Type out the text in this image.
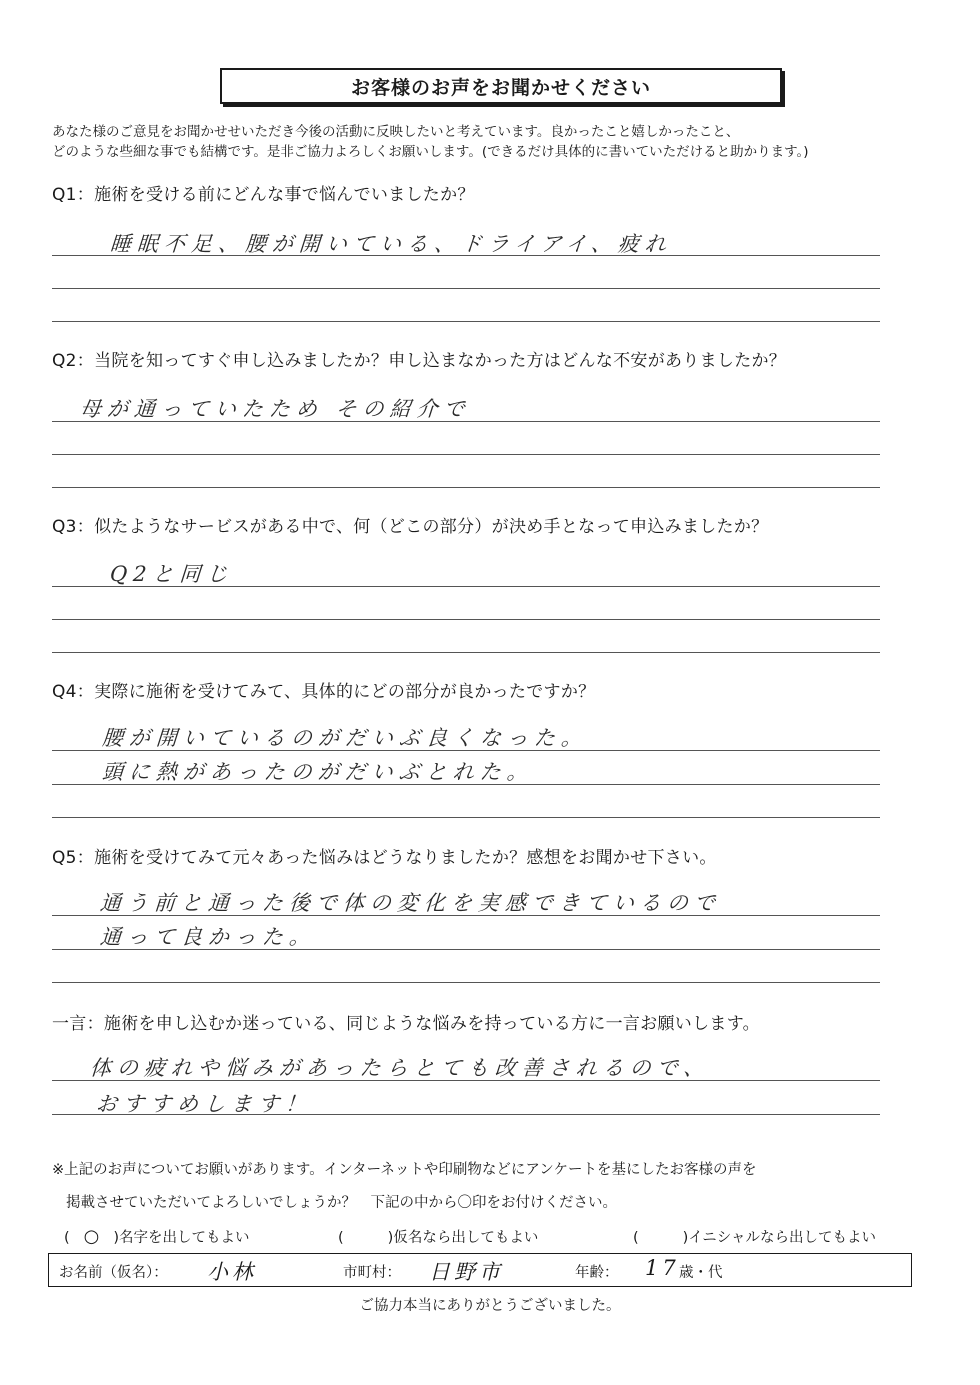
お客様のお声をお聞かせください
あなた様のご意見をお聞かせせいただき今後の活動に反映したいと考えています。良かったこと嬉しかったこと、
どのような些細な事でも結構です。是非ご協力よろしくお願いします。(できるだけ具体的に書いていただけると助かります。)
Q1：施術を受ける前にどんな事で悩んでいましたか？
睡眠不足、腰が開いている、ドライアイ、疲れ
Q2：当院を知ってすぐ申し込みましたか？申し込まなかった方はどんな不安がありましたか？
母が通っていたため その紹介で
Q3：似たようなサービスがある中で、何（どこの部分）が決め手となって申込みましたか？
Q2と同じ
Q4：実際に施術を受けてみて、具体的にどの部分が良かったですか？
腰が開いているのがだいぶ良くなった。
頭に熱があったのがだいぶとれた。
Q5：施術を受けてみて元々あった悩みはどうなりましたか？感想をお聞かせ下さい。
通う前と通った後で体の変化を実感できているので
通って良かった。
一言：施術を申し込むか迷っている、同じような悩みを持っている方に一言お願いします。
体の疲れや悩みがあったらとても改善されるので、
おすすめします！
※上記のお声についてお願いがあります。インターネットや印刷物などにアンケートを基にしたお客様の声を
掲載させていただいてよろしいでしょうか？　下記の中から〇印をお付けください。
( ○ )名字を出してもよい	(	)仮名なら出してもよい	(	)イニシャルなら出してもよい
お名前（仮名）： 小林	市町村： 日野市	年齢： 17 歳・代
ご協力本当にありがとうございました。
